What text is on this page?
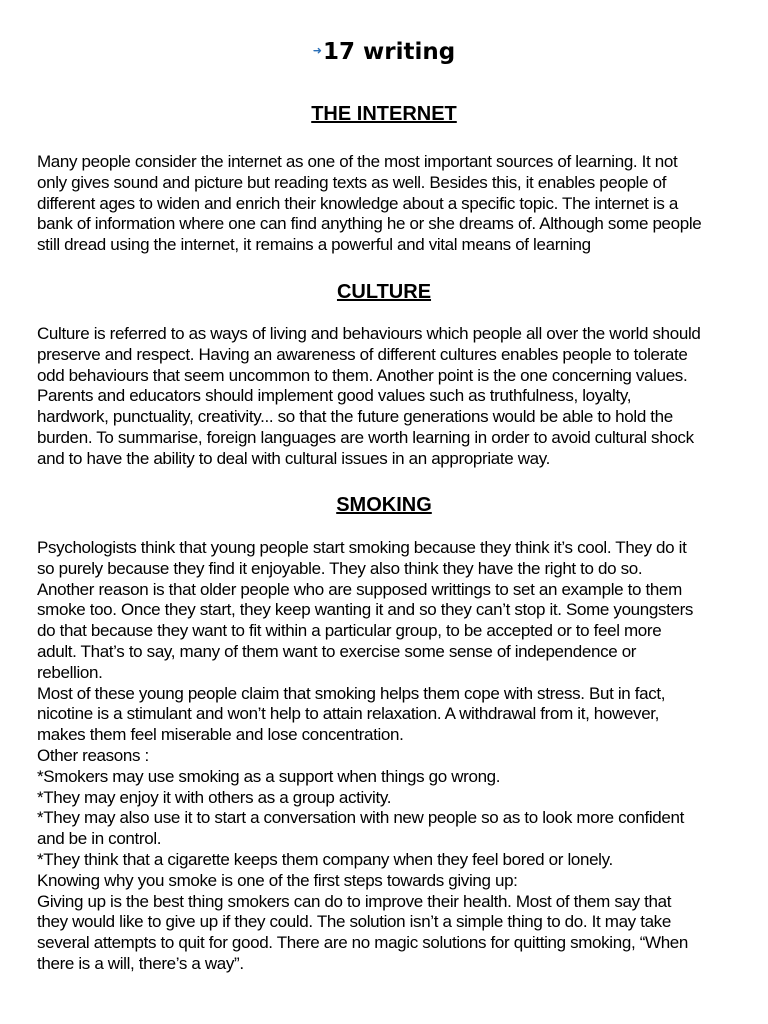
➜17 writing
THE INTERNET
Many people consider the internet as one of the most important sources of learning. It not
only gives sound and picture but reading texts as well. Besides this, it enables people of
different ages to widen and enrich their knowledge about a specific topic. The internet is a
bank of information where one can find anything he or she dreams of. Although some people
still dread using the internet, it remains a powerful and vital means of learning
CULTURE
Culture is referred to as ways of living and behaviours which people all over the world should
preserve and respect. Having an awareness of different cultures enables people to tolerate
odd behaviours that seem uncommon to them. Another point is the one concerning values.
Parents and educators should implement good values such as truthfulness, loyalty,
hardwork, punctuality, creativity... so that the future generations would be able to hold the
burden. To summarise, foreign languages are worth learning in order to avoid cultural shock
and to have the ability to deal with cultural issues in an appropriate way.
SMOKING
Psychologists think that young people start smoking because they think it’s cool. They do it
so purely because they find it enjoyable. They also think they have the right to do so.
Another reason is that older people who are supposed writtings to set an example to them
smoke too. Once they start, they keep wanting it and so they can’t stop it. Some youngsters
do that because they want to fit within a particular group, to be accepted or to feel more
adult. That’s to say, many of them want to exercise some sense of independence or
rebellion.
Most of these young people claim that smoking helps them cope with stress. But in fact,
nicotine is a stimulant and won’t help to attain relaxation. A withdrawal from it, however,
makes them feel miserable and lose concentration.
Other reasons :
*Smokers may use smoking as a support when things go wrong.
*They may enjoy it with others as a group activity.
*They may also use it to start a conversation with new people so as to look more confident
and be in control.
*They think that a cigarette keeps them company when they feel bored or lonely.
Knowing why you smoke is one of the first steps towards giving up:
Giving up is the best thing smokers can do to improve their health. Most of them say that
they would like to give up if they could. The solution isn’t a simple thing to do. It may take
several attempts to quit for good. There are no magic solutions for quitting smoking, “When
there is a will, there’s a way”.
